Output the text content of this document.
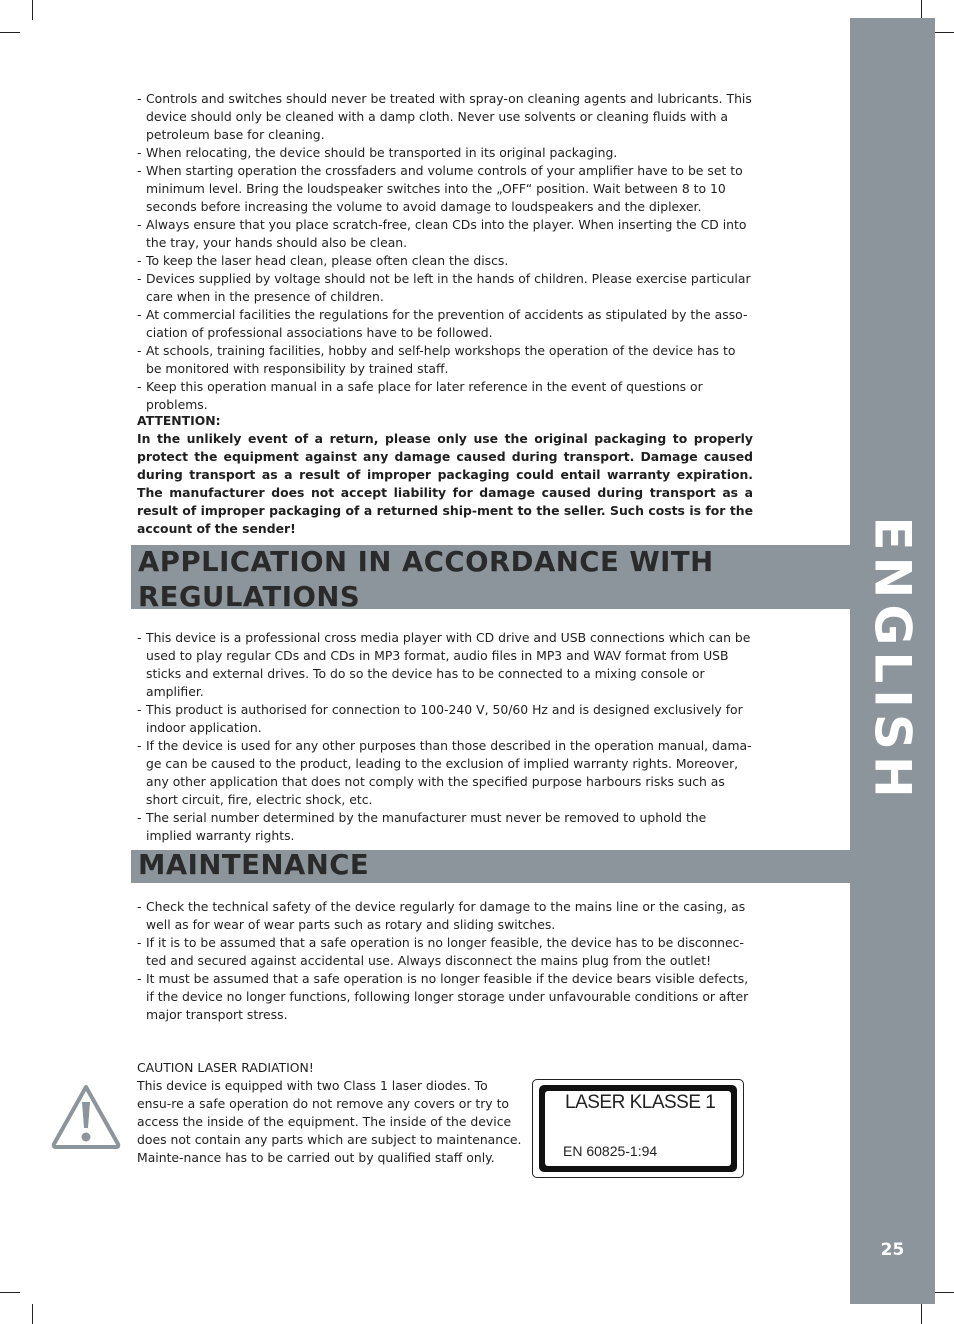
ENGLISH
25
- Controls and switches should never be treated with spray-on cleaning agents and lubricants. This device should only be cleaned with a damp cloth. Never use solvents or cleaning fluids with a petroleum base for cleaning.
- When relocating, the device should be transported in its original packaging.
- When starting operation the crossfaders and volume controls of your amplifier have to be set to minimum level. Bring the loudspeaker switches into the „OFF“ position. Wait between 8 to 10 seconds before increasing the volume to avoid damage to loudspeakers and the diplexer.
- Always ensure that you place scratch-free, clean CDs into the player. When inserting the CD into the tray, your hands should also be clean.
- To keep the laser head clean, please often clean the discs.
- Devices supplied by voltage should not be left in the hands of children. Please exercise particular care when in the presence of children.
- At commercial facilities the regulations for the prevention of accidents as stipulated by the asso-ciation of professional associations have to be followed.
- At schools, training facilities, hobby and self-help workshops the operation of the device has to be monitored with responsibility by trained staff.
- Keep this operation manual in a safe place for later reference in the event of questions or problems.
ATTENTION:
In the unlikely event of a return, please only use the original packaging to properly protect the equipment against any damage caused during transport. Damage caused during transport as a result of improper packaging could entail warranty expiration. The manufacturer does not accept liability for damage caused during transport as a result of improper packaging of a returned ship-ment to the seller. Such costs is for the account of the sender!
APPLICATION IN ACCORDANCE WITH
REGULATIONS
- This device is a professional cross media player with CD drive and USB connections which can be used to play regular CDs and CDs in MP3 format, audio files in MP3 and WAV format from USB sticks and external drives. To do so the device has to be connected to a mixing console or amplifier.
- This product is authorised for connection to 100-240 V, 50/60 Hz and is designed exclusively for indoor application.
- If the device is used for any other purposes than those described in the operation manual, dama-ge can be caused to the product, leading to the exclusion of implied warranty rights. Moreover, any other application that does not comply with the specified purpose harbours risks such as short circuit, fire, electric shock, etc.
- The serial number determined by the manufacturer must never be removed to uphold the implied warranty rights.
MAINTENANCE
- Check the technical safety of the device regularly for damage to the mains line or the casing, as well as for wear of wear parts such as rotary and sliding switches.
- If it is to be assumed that a safe operation is no longer feasible, the device has to be disconnec-ted and secured against accidental use. Always disconnect the mains plug from the outlet!
- It must be assumed that a safe operation is no longer feasible if the device bears visible defects, if the device no longer functions, following longer storage under unfavourable conditions or after major transport stress.
CAUTION LASER RADIATION!
This device is equipped with two Class 1 laser diodes. To ensu-re a safe operation do not remove any covers or try to access the inside of the equipment. The inside of the device does not contain any parts which are subject to maintenance. Mainte-nance has to be carried out by qualified staff only.
LASER KLASSE 1
EN 60825-1:94
